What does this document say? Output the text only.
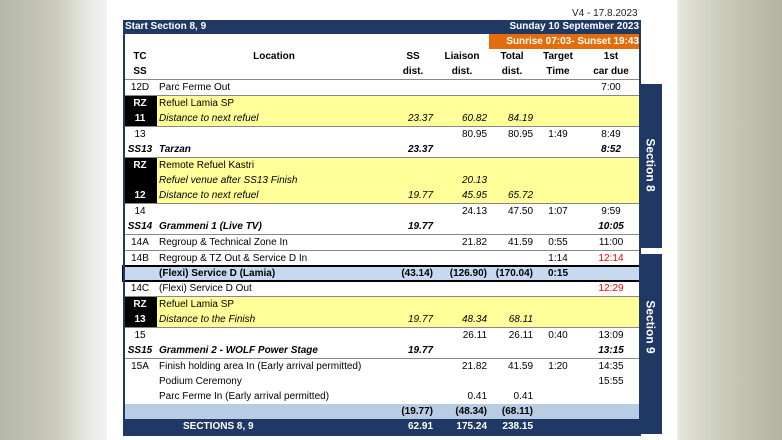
V4 - 17.8.2023
Start Section 8, 9			Sunday 10 September 2023			
				Sunrise 07:03- Sunset 19:43		
TC	Location	SS	Liaison	Total	Target	1st
SS		dist.	dist.	dist.	Time	car due
12D	Parc Ferme Out					7:00
RZ	Refuel Lamia SP					
11	Distance to next refuel	23.37	60.82	84.19		
13			80.95	80.95	1:49	8:49
SS13	Tarzan	23.37				8:52
RZ	Remote Refuel Kastri					
	Refuel venue after SS13 Finish		20.13			
12	Distance to next refuel	19.77	45.95	65.72		
14			24.13	47.50	1:07	9:59
SS14	Grammeni 1 (Live TV)	19.77				10:05
14A	Regroup & Technical Zone In		21.82	41.59	0:55	11:00
14B	Regroup & TZ Out & Service D In				1:14	12:14
	(Flexi) Service D (Lamia)	(43.14)	(126.90)	(170.04)	0:15	
14C	(Flexi) Service D Out					12:29
RZ	Refuel Lamia SP					
13	Distance to the Finish	19.77	48.34	68.11		
15			26.11	26.11	0:40	13:09
SS15	Grammeni 2 - WOLF Power Stage	19.77				13:15
15A	Finish holding area In (Early arrival permitted)		21.82	41.59	1:20	14:35
	Podium Ceremony					15:55
	Parc Ferme In (Early arrival permitted)		0.41	0.41		
		(19.77)	(48.34)	(68.11)		
	SECTIONS 8, 9	62.91	175.24	238.15		
Section 8
Section 9
